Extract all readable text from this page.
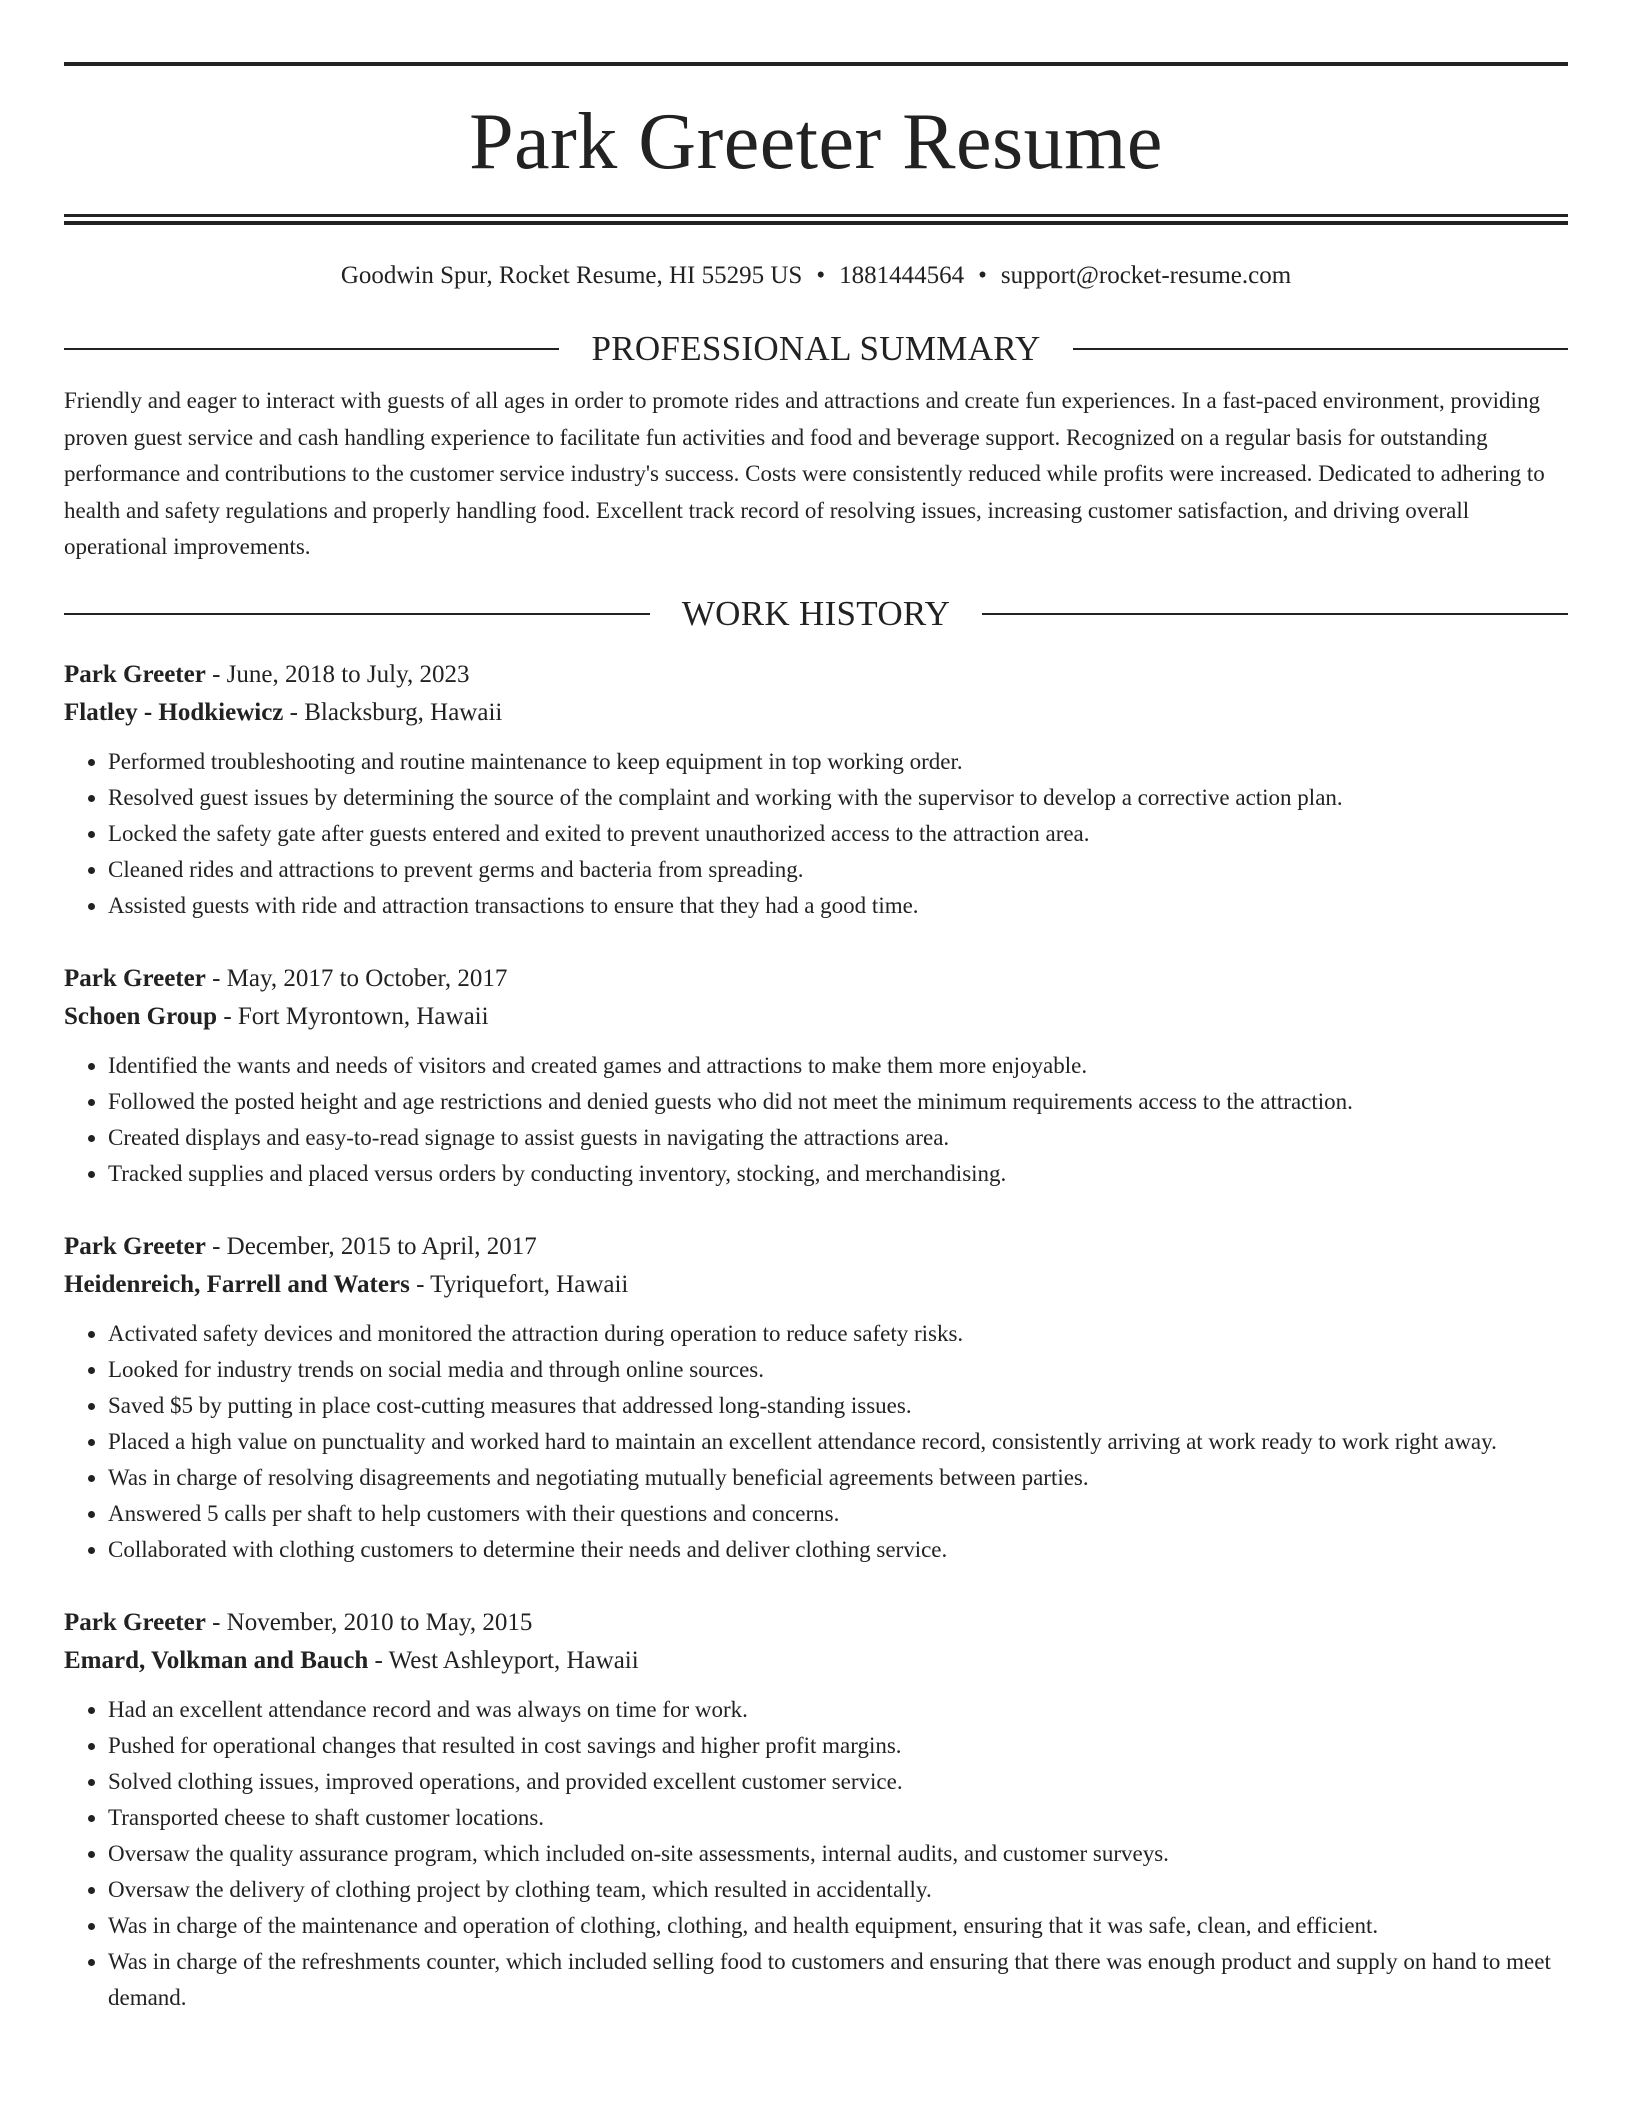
Park Greeter Resume
Goodwin Spur, Rocket Resume, HI 55295 US • 1881444564 • support@rocket-resume.com
PROFESSIONAL SUMMARY

Friendly and eager to interact with guests of all ages in order to promote rides and attractions and create fun experiences. In a fast-paced environment, providing proven guest service and cash handling experience to facilitate fun activities and food and beverage support. Recognized on a regular basis for outstanding performance and contributions to the customer service industry's success. Costs were consistently reduced while profits were increased. Dedicated to adhering to health and safety regulations and properly handling food. Excellent track record of resolving issues, increasing customer satisfaction, and driving overall operational improvements.

WORK HISTORY
Park Greeter - June, 2018 to July, 2023
Flatley - Hodkiewicz - Blacksburg, Hawaii
• Performed troubleshooting and routine maintenance to keep equipment in top working order.
• Resolved guest issues by determining the source of the complaint and working with the supervisor to develop a corrective action plan.
• Locked the safety gate after guests entered and exited to prevent unauthorized access to the attraction area.
• Cleaned rides and attractions to prevent germs and bacteria from spreading.
• Assisted guests with ride and attraction transactions to ensure that they had a good time.
Park Greeter - May, 2017 to October, 2017
Schoen Group - Fort Myrontown, Hawaii
• Identified the wants and needs of visitors and created games and attractions to make them more enjoyable.
• Followed the posted height and age restrictions and denied guests who did not meet the minimum requirements access to the attraction.
• Created displays and easy-to-read signage to assist guests in navigating the attractions area.
• Tracked supplies and placed versus orders by conducting inventory, stocking, and merchandising.
Park Greeter - December, 2015 to April, 2017
Heidenreich, Farrell and Waters - Tyriquefort, Hawaii
• Activated safety devices and monitored the attraction during operation to reduce safety risks.
• Looked for industry trends on social media and through online sources.
• Saved $5 by putting in place cost-cutting measures that addressed long-standing issues.
• Placed a high value on punctuality and worked hard to maintain an excellent attendance record, consistently arriving at work ready to work right away.
• Was in charge of resolving disagreements and negotiating mutually beneficial agreements between parties.
• Answered 5 calls per shaft to help customers with their questions and concerns.
• Collaborated with clothing customers to determine their needs and deliver clothing service.
Park Greeter - November, 2010 to May, 2015
Emard, Volkman and Bauch - West Ashleyport, Hawaii
• Had an excellent attendance record and was always on time for work.
• Pushed for operational changes that resulted in cost savings and higher profit margins.
• Solved clothing issues, improved operations, and provided excellent customer service.
• Transported cheese to shaft customer locations.
• Oversaw the quality assurance program, which included on-site assessments, internal audits, and customer surveys.
• Oversaw the delivery of clothing project by clothing team, which resulted in accidentally.
• Was in charge of the maintenance and operation of clothing, clothing, and health equipment, ensuring that it was safe, clean, and efficient.
• Was in charge of the refreshments counter, which included selling food to customers and ensuring that there was enough product and supply on hand to meet demand.
